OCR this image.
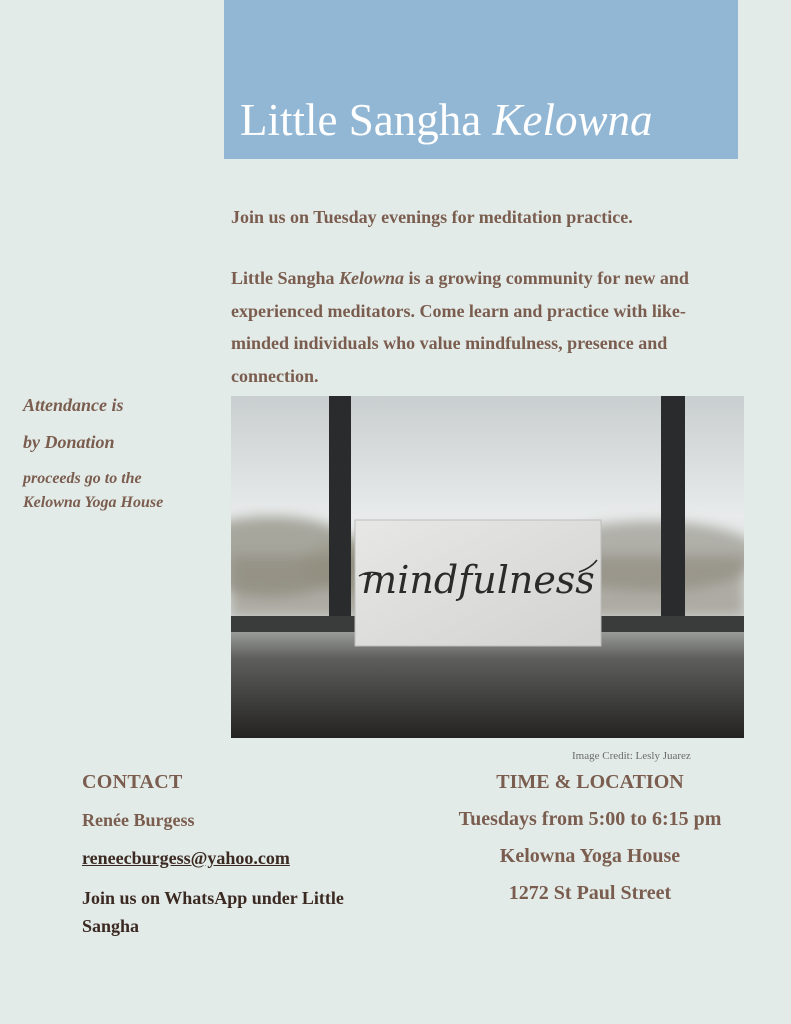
Little Sangha Kelowna
Join us on Tuesday evenings for meditation practice.
Little Sangha Kelowna is a growing community for new and experienced meditators. Come learn and practice with like-minded individuals who value mindfulness, presence and connection.
Attendance is
by Donation
proceeds go to the
Kelowna Yoga House
mindfulness
Image Credit: Lesly Juarez
CONTACT
Renée Burgess
reneecburgess@yahoo.com
Join us on WhatsApp under Little Sangha
TIME & LOCATION
Tuesdays from 5:00 to 6:15 pm
Kelowna Yoga House
1272 St Paul Street
